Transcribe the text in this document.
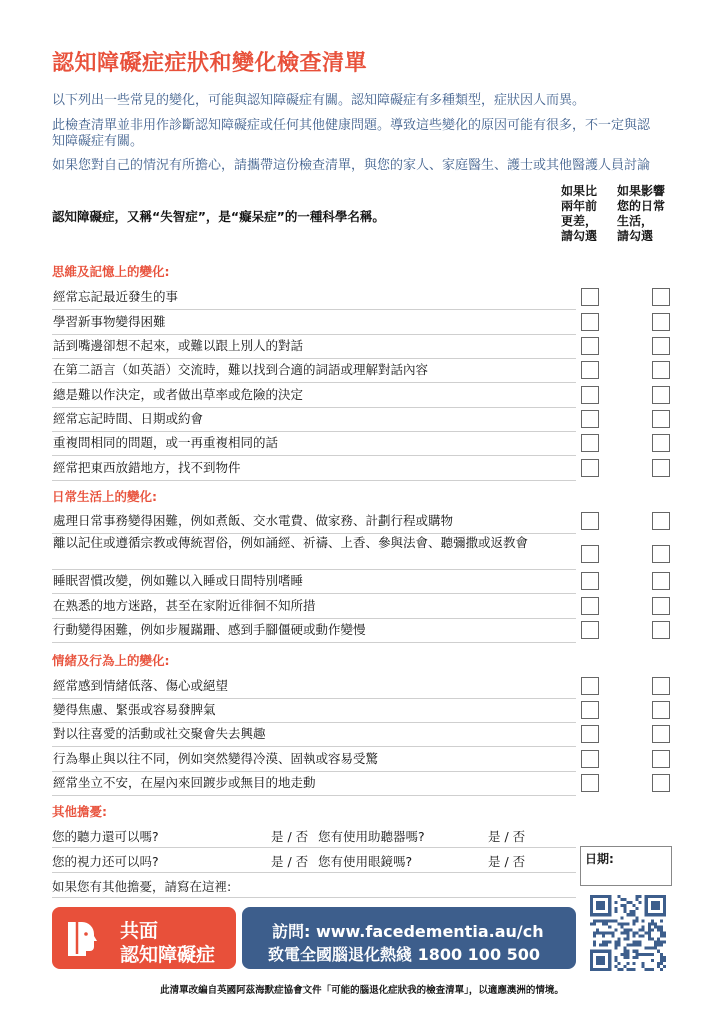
認知障礙症症狀和變化檢查清單
以下列出一些常見的變化，可能與認知障礙症有關。認知障礙症有多種類型，症狀因人而異。
此檢查清單並非用作診斷認知障礙症或任何其他健康問題。導致這些變化的原因可能有很多，不一定與認知障礙症有關。
如果您對自己的情況有所擔心，請攜帶這份檢查清單，與您的家人、家庭醫生、護士或其他醫護人員討論
認知障礙症，又稱“失智症”，是“癡呆症”的一種科學名稱。
如果比
兩年前
更差，
請勾選
如果影響
您的日常
生活，
請勾選
思維及記憶上的變化:
經常忘記最近發生的事
學習新事物變得困難
話到嘴邊卻想不起來，或難以跟上別人的對話
在第二語言（如英語）交流時，難以找到合適的詞語或理解對話內容
總是難以作決定，或者做出草率或危險的決定
經常忘記時間、日期或約會
重複問相同的問題，或一再重複相同的話
經常把東西放錯地方，找不到物件
日常生活上的變化:
處理日常事務變得困難，例如煮飯、交水電費、做家務、計劃行程或購物
離以記住或遵循宗教或傳統習俗，例如誦經、祈禱、上香、參與法會、聽彌撒或返教會
睡眠習慣改變，例如難以入睡或日間特別嗜睡
在熟悉的地方迷路，甚至在家附近徘徊不知所措
行動變得困難，例如步履蹣跚、感到手腳僵硬或動作變慢
情緒及行為上的變化:
經常感到情緒低落、傷心或絕望
變得焦慮、緊張或容易發脾氣
對以往喜愛的活動或社交聚會失去興趣
行為舉止與以往不同，例如突然變得冷漠、固執或容易受驚
經常坐立不安，在屋內來回踱步或無目的地走動
其他擔憂:
您的聽力還可以嗎?	是 / 否 您有使用助聽器嗎?	是 / 否
您的視力还可以吗?	是 / 否 您有使用眼鏡嗎?	是 / 否
如果您有其他擔憂，請寫在這裡:
日期:
共面
認知障礙症
訪問: www.facedementia.au/ch
致電全國腦退化熱綫 1800 100 500
此清單改編自英國阿茲海默症協會文件「可能的腦退化症狀我的檢查清單」，以適應澳洲的情境。
